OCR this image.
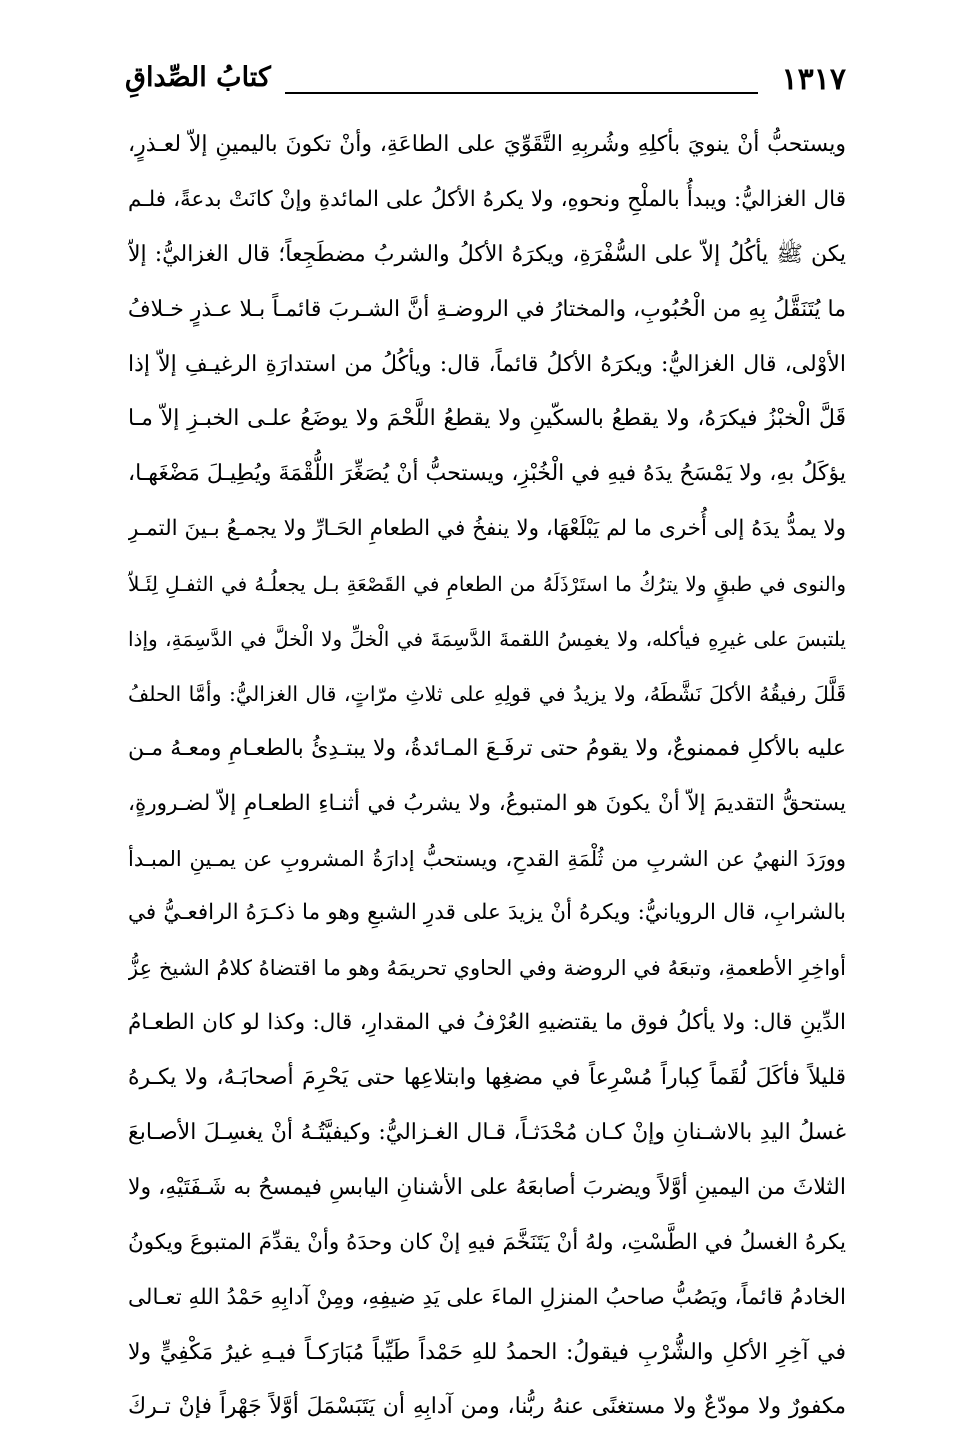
١٣١٧
كتابُ الصِّداقِ
ويستحبُّ أنْ ينويَ بأكلِهِ وشُربِهِ التَّقَوِّيَ على الطاعَةِ، وأنْ تكونَ باليمينِ إلاّ لعـذرٍ،
قال الغزاليُّ: ويبدأُ بالملْحِ ونحوهِ، ولا يكرهُ الأكلُ على المائدةِ وإنْ كانَتْ بدعةً، فلـم
يكن ﷺ يأكُلُ إلاّ على السُّفْرَةِ، ويكرَهُ الأكلُ والشربُ مضطَجِعاً؛ قال الغزاليُّ: إلاّ
ما يُتَنَقَّلُ بِهِ من الْحُبُوبِ، والمختارُ في الروضـةِ أنَّ الشـربَ قائمـاً بـلا عـذرٍ خـلافُ
الأوْلى، قال الغزاليُّ: ويكرَهُ الأكلُ قائماً، قال: ويأكُلُ من استدارَةِ الرغيـفِ إلاّ إذا
قَلَّ الْخبْزُ فيكرَهُ، ولا يقطعُ بالسكّينِ ولا يقطعُ اللَّحْمَ ولا يوضَعُ علـى الخبـزِ إلاّ مـا
يؤكَلُ بهِ، ولا يَمْسَحُ يدَهُ فيهِ في الْخُبْزِ، ويستحبُّ أنْ يُصَغِّرَ اللُّقْمَةَ ويُطِيـلَ مَضْغَهـا،
ولا يمدُّ يدَهُ إلى أُخرى ما لم يَبْلَعْهَا، ولا ينفخُ في الطعامِ الحَـارِّ ولا يجمـعُ بـينَ التمـرِ
والنوى في طبقٍ ولا يترُكُ ما استَرْذَلَهُ من الطعامِ في القَصْعَةِ بـل يجعلُـهُ في الثفـلِ لِئَـلاّ
يلتبسَ على غيرِهِ فيأكله، ولا يغمِسُ اللقمةَ الدَّسِمَةَ في الْخلِّ ولا الْخلَّ في الدَّسِمَةِ، وإذا
قَلَّلَ رفيقُهُ الأكلَ نَشَّطَهُ، ولا يزيدُ في قولِهِ على ثلاثِ مرّاتٍ، قال الغزاليُّ: وأمَّا الحلفُ
عليه بالأكلِ فممنوعٌ، ولا يقومُ حتى ترفَـعَ المـائدةُ، ولا يبتـدِئُ بالطعـامِ ومعـهُ مـن
يستحقُّ التقديمَ إلاّ أنْ يكونَ هو المتبوعُ، ولا يشربُ في أثنـاءِ الطعـامِ إلاّ لضـرورةٍ،
وورَدَ النهيُ عن الشربِ من ثُلْمَةِ القدحِ، ويستحبُّ إدارَةُ المشروبِ عن يمـينِ المبـدأ
بالشرابِ، قال الرويانيُّ: ويكرهُ أنْ يزيدَ على قدرِ الشبعِ وهو ما ذكـرَهُ الرافعـيُّ في
أواخِرِ الأطعمةِ، وتبعَهُ في الروضة وفي الحاوي تحريمَهُ وهو ما اقتضاهُ كلامُ الشيخ عِزُّ
الدِّينِ قال: ولا يأكلُ فوق ما يقتضيهِ العُرْفُ في المقدارِ، قال: وكذا لو كان الطعـامُ
قليلاً فأكَلَ لُقَماً كِباراً مُسْرِعاً في مضغِها وابتلاعِها حتى يَحْرِمَ أصحابَـهُ، ولا يكـرهُ
غسلُ اليدِ بالاشـنانِ وإنْ كـان مُحْدَثـاً، قـال الغـزاليُّ: وكيفيَّتُـهُ أنْ يغسِـلَ الأصـابعَ
الثلاثَ من اليمينِ أوَّلاً ويضربَ أصابعَهُ على الأشنانِ اليابسِ فيمسحُ به شَـفَتَيْهِ، ولا
يكرهُ الغسلُ في الطَّسْتِ، ولهُ أنْ يَتَنَخَّمَ فيهِ إنْ كان وحدَهُ وأنْ يقدِّمَ المتبوعَ ويكونُ
الخادمُ قائماً، ويَصُبُّ صاحبُ المنزلِ الماءَ على يَدِ ضيفِهِ، ومِنْ آدابِهِ حَمْدُ اللهِ تعـالى
في آخِرِ الأكلِ والشُّرْبِ فيقولُ: الحمدُ للهِ حَمْداً طَيِّباً مُبَارَكـاً فيـهِ غيرُ مَكْفِيٍّ ولا
مكفورٌ ولا مودّعٌ ولا مستغنًى عنهُ ربُّنا، ومن آدابِهِ أن يَتَبَسْمَلَ أوَّلاً جَهْراً فإنْ تـركَ
